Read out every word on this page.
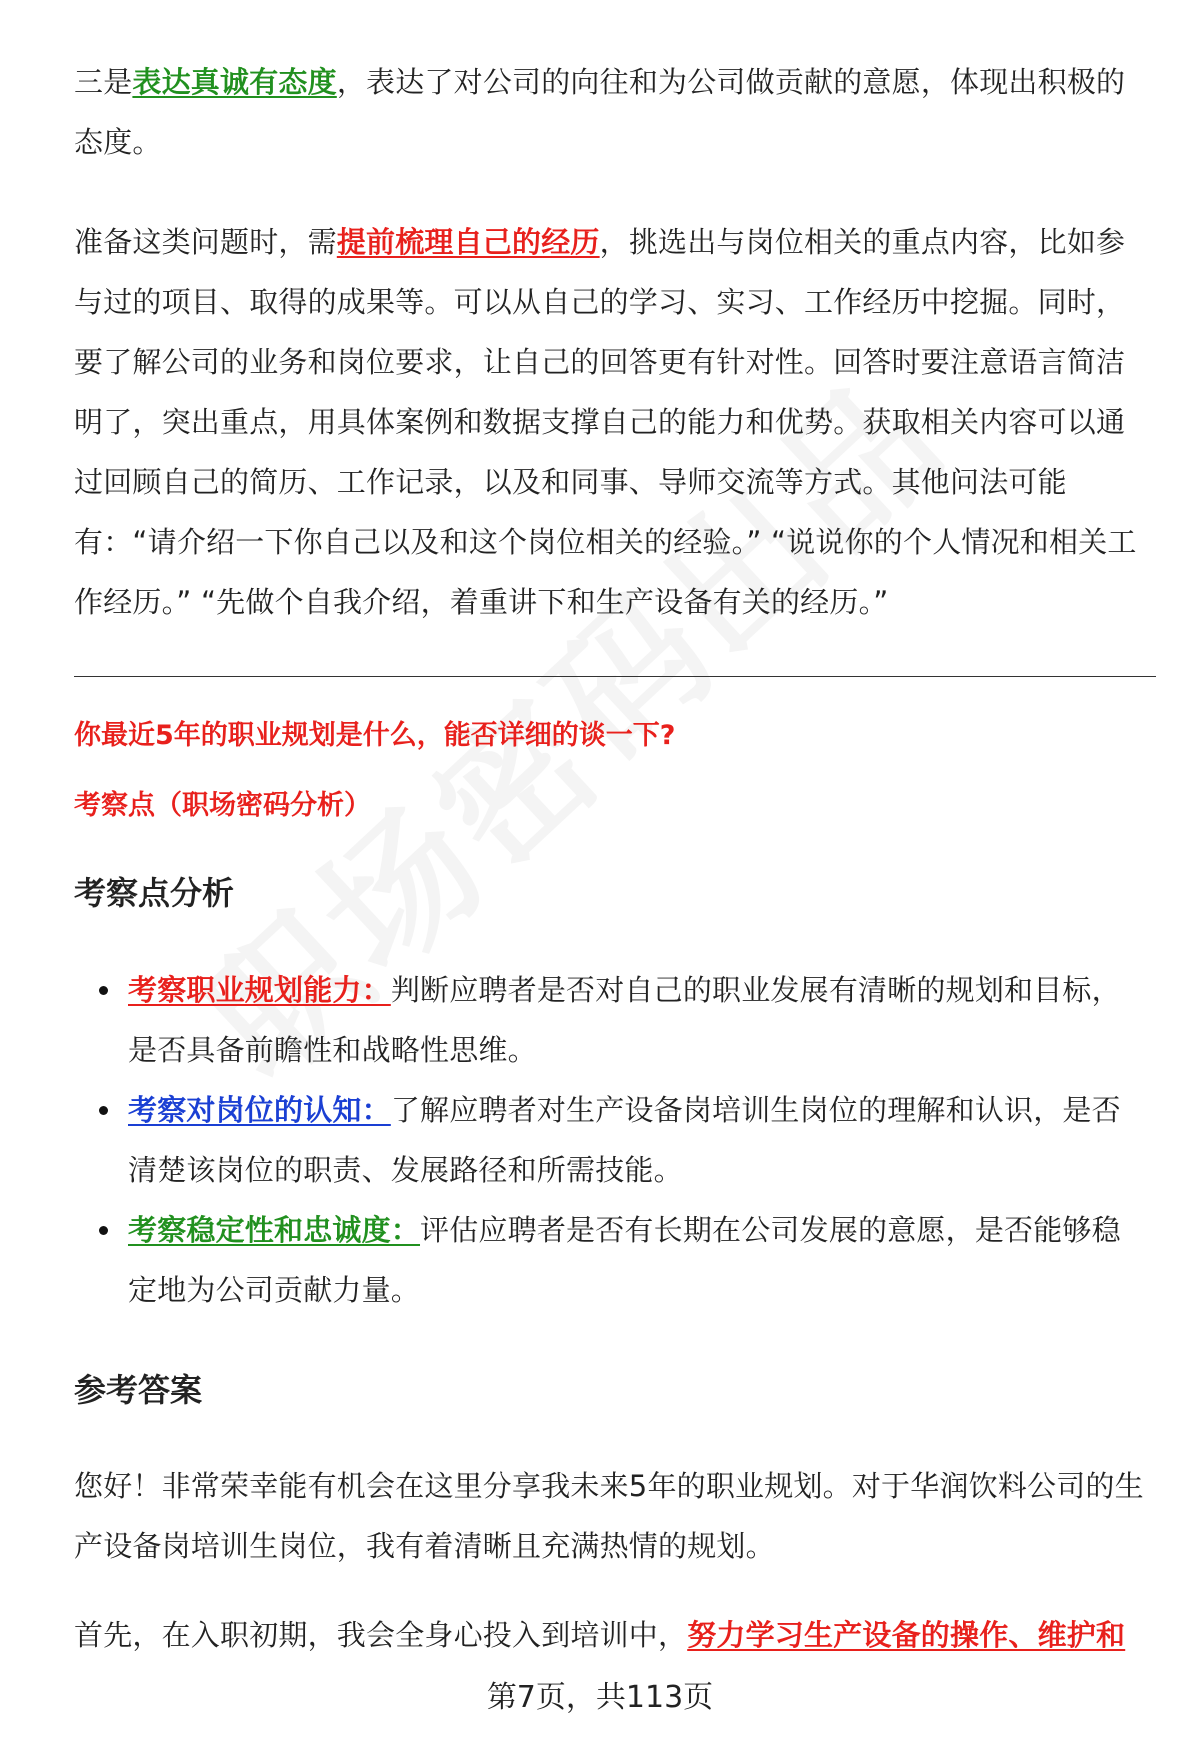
三是表达真诚有态度，表达了对公司的向往和为公司做贡献的意愿，体现出积极的态度。

准备这类问题时，需提前梳理自己的经历，挑选出与岗位相关的重点内容，比如参与过的项目、取得的成果等。可以从自己的学习、实习、工作经历中挖掘。同时，要了解公司的业务和岗位要求，让自己的回答更有针对性。回答时要注意语言简洁明了，突出重点，用具体案例和数据支撑自己的能力和优势。获取相关内容可以通过回顾自己的简历、工作记录，以及和同事、导师交流等方式。其他问法可能有：“请介绍一下你自己以及和这个岗位相关的经验。” “说说你的个人情况和相关工作经历。” “先做个自我介绍，着重讲下和生产设备有关的经历。”

你最近5年的职业规划是什么，能否详细的谈一下?
考察点（职场密码分析）
考察点分析
考察职业规划能力：判断应聘者是否对自己的职业发展有清晰的规划和目标，是否具备前瞻性和战略性思维。
考察对岗位的认知：了解应聘者对生产设备岗培训生岗位的理解和认识，是否清楚该岗位的职责、发展路径和所需技能。
考察稳定性和忠诚度：评估应聘者是否有长期在公司发展的意愿，是否能够稳定地为公司贡献力量。
参考答案

您好！非常荣幸能有机会在这里分享我未来5年的职业规划。对于华润饮料公司的生产设备岗培训生岗位，我有着清晰且充满热情的规划。

首先，在入职初期，我会全身心投入到培训中，努力学习生产设备的操作、维护和

第7页，共113页
